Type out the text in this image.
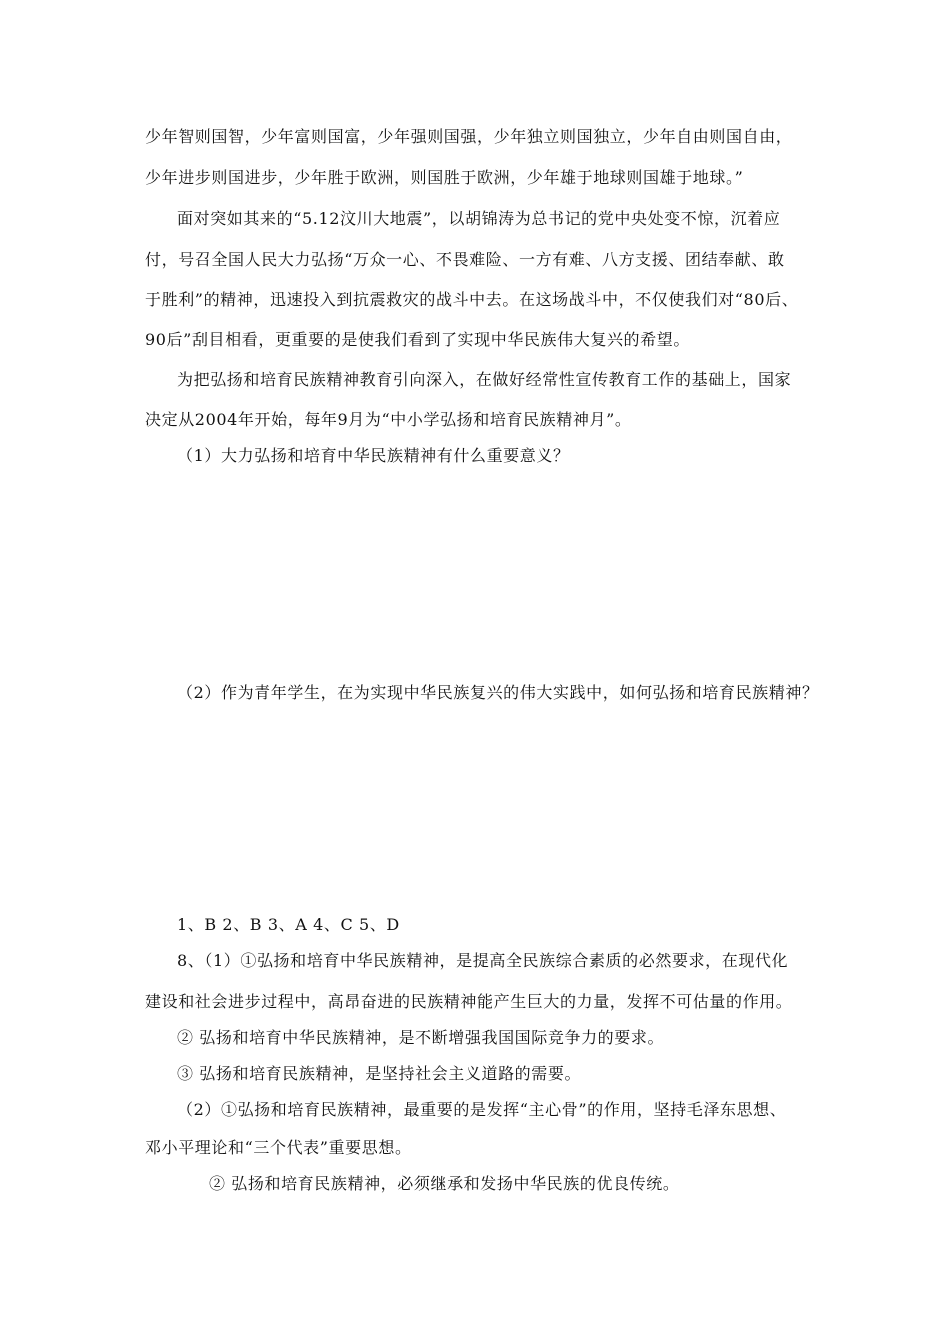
少年智则国智，少年富则国富，少年强则国强，少年独立则国独立，少年自由则国自由，
少年进步则国进步，少年胜于欧洲，则国胜于欧洲，少年雄于地球则国雄于地球。”
面对突如其来的“5.12汶川大地震”，以胡锦涛为总书记的党中央处变不惊，沉着应
付，号召全国人民大力弘扬“万众一心、不畏难险、一方有难、八方支援、团结奉献、敢
于胜利”的精神，迅速投入到抗震救灾的战斗中去。在这场战斗中，不仅使我们对“80后、
90后”刮目相看，更重要的是使我们看到了实现中华民族伟大复兴的希望。
为把弘扬和培育民族精神教育引向深入，在做好经常性宣传教育工作的基础上，国家
决定从2004年开始，每年9月为“中小学弘扬和培育民族精神月”。
（1）大力弘扬和培育中华民族精神有什么重要意义？
（2）作为青年学生，在为实现中华民族复兴的伟大实践中，如何弘扬和培育民族精神？
1、B 2、B 3、A 4、C 5、D
8、（1）①弘扬和培育中华民族精神，是提高全民族综合素质的必然要求，在现代化
建设和社会进步过程中，高昂奋进的民族精神能产生巨大的力量，发挥不可估量的作用。
② 弘扬和培育中华民族精神，是不断增强我国国际竞争力的要求。
③ 弘扬和培育民族精神，是坚持社会主义道路的需要。
（2）①弘扬和培育民族精神，最重要的是发挥“主心骨”的作用，坚持毛泽东思想、
邓小平理论和“三个代表”重要思想。
② 弘扬和培育民族精神，必须继承和发扬中华民族的优良传统。
